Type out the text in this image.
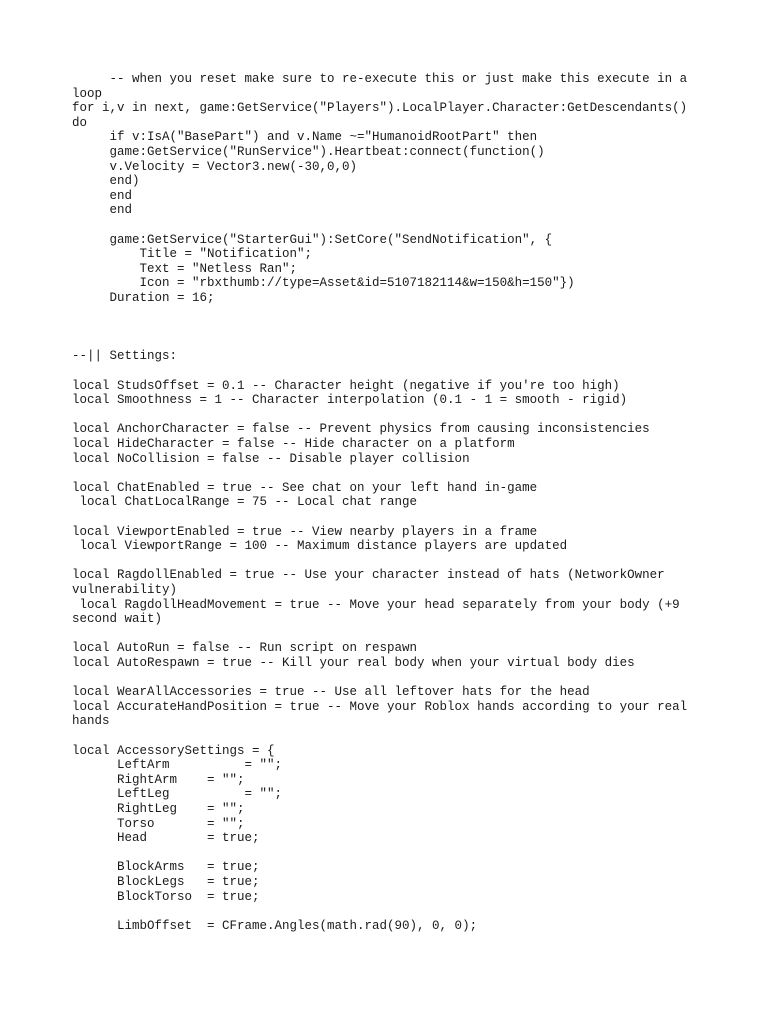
-- when you reset make sure to re-execute this or just make this execute in a

loop

for i,v in next, game:GetService("Players").LocalPlayer.Character:GetDescendants()

do

if v:IsA("BasePart") and v.Name ~="HumanoidRootPart" then

game:GetService("RunService").Heartbeat:connect(function()

v.Velocity = Vector3.new(-30,0,0)

end)

end

end

game:GetService("StarterGui"):SetCore("SendNotification", {

Title = "Notification";

Text = "Netless Ran";

Icon = "rbxthumb://type=Asset&id=5107182114&w=150&h=150"})

Duration = 16;

--|| Settings:

local StudsOffset = 0.1 -- Character height (negative if you're too high)

local Smoothness = 1 -- Character interpolation (0.1 - 1 = smooth - rigid)

local AnchorCharacter = false -- Prevent physics from causing inconsistencies

local HideCharacter = false -- Hide character on a platform

local NoCollision = false -- Disable player collision

local ChatEnabled = true -- See chat on your left hand in-game

local ChatLocalRange = 75 -- Local chat range

local ViewportEnabled = true -- View nearby players in a frame

local ViewportRange = 100 -- Maximum distance players are updated

local RagdollEnabled = true -- Use your character instead of hats (NetworkOwner

vulnerability)

local RagdollHeadMovement = true -- Move your head separately from your body (+9

second wait)

local AutoRun = false -- Run script on respawn

local AutoRespawn = true -- Kill your real body when your virtual body dies

local WearAllAccessories = true -- Use all leftover hats for the head

local AccurateHandPosition = true -- Move your Roblox hands according to your real

hands

local AccessorySettings = {

LeftArm          = "";

RightArm    = "";

LeftLeg          = "";

RightLeg    = "";

Torso       = "";

Head        = true;

BlockArms   = true;

BlockLegs   = true;

BlockTorso  = true;

LimbOffset  = CFrame.Angles(math.rad(90), 0, 0);
